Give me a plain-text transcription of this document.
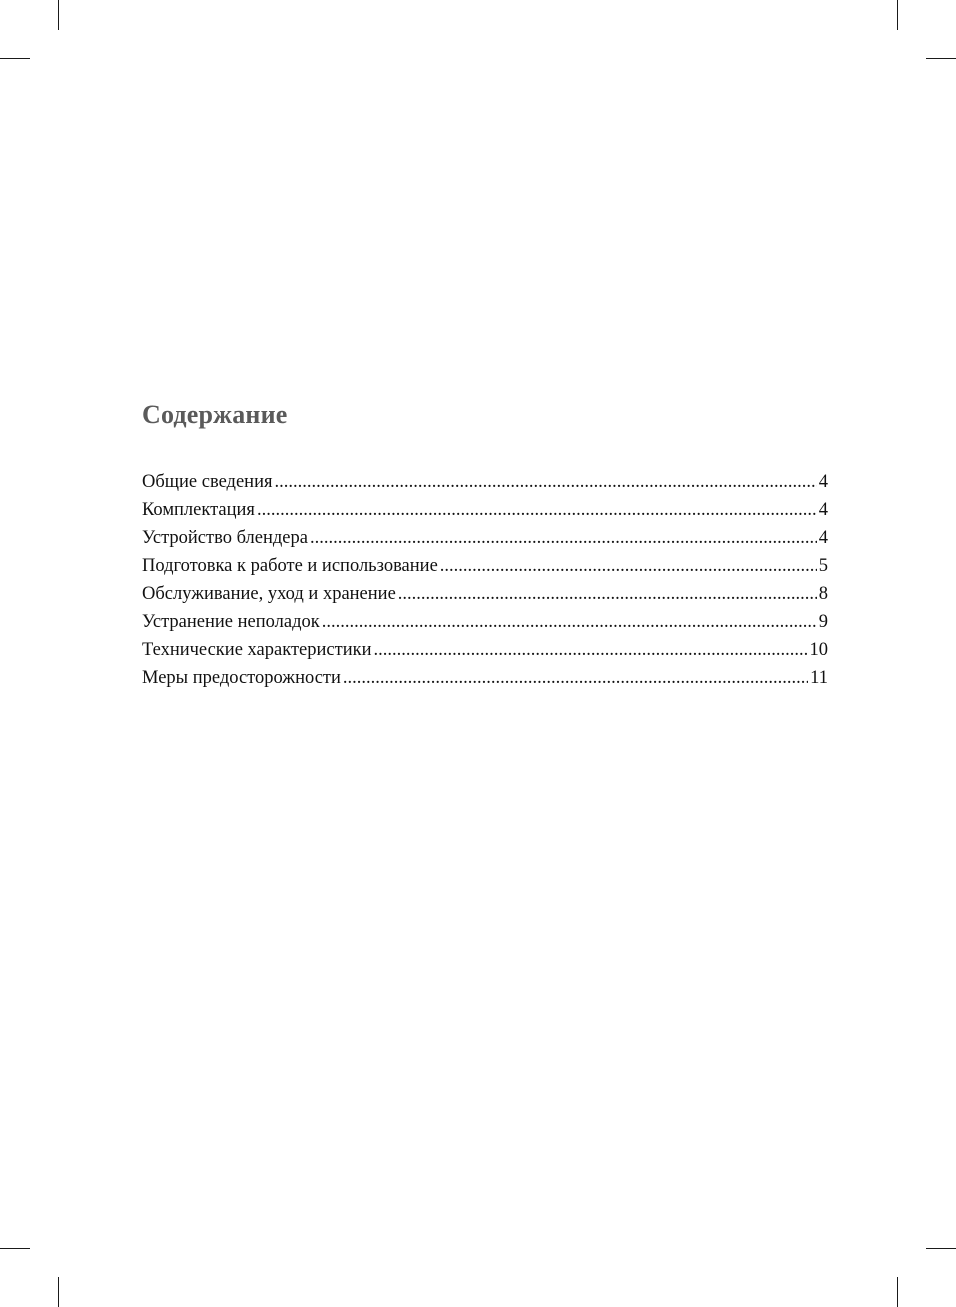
Содержание
Общие сведения .....	4
Комплектация .....	4
Устройство блендера .....	4
Подготовка к работе и использование .....	5
Обслуживание, уход и хранение .....	8
Устранение неполадок .....	9
Технические характеристики .....	10
Меры предосторожности .....	11
